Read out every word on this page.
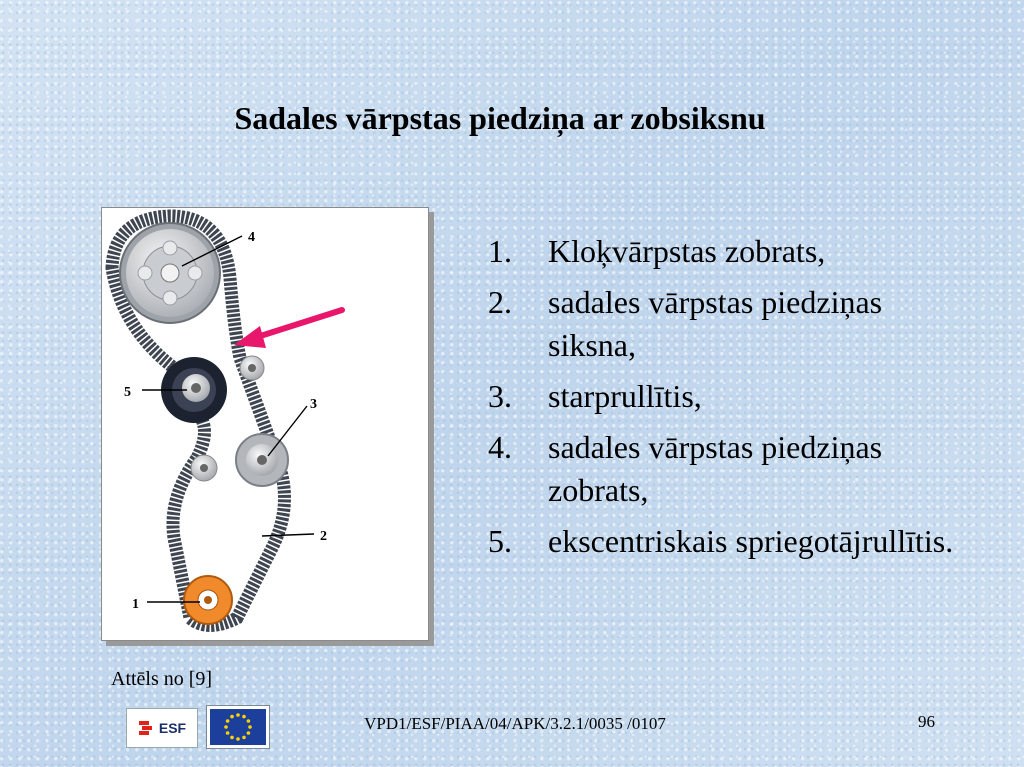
Sadales vārpstas piedziņa ar zobsiksnu
4
5
3
2
1
Attēls no [9]
1.	Kloķvārpstas zobrats,
2.	sadales vārpstas piedziņas siksna,
3.	starprullītis,
4.	sadales vārpstas piedziņas zobrats,
5.	ekscentriskais spriegotājrullītis.
ESF	VPD1/ESF/PIAA/04/APK/3.2.1/0035 /0107	96
